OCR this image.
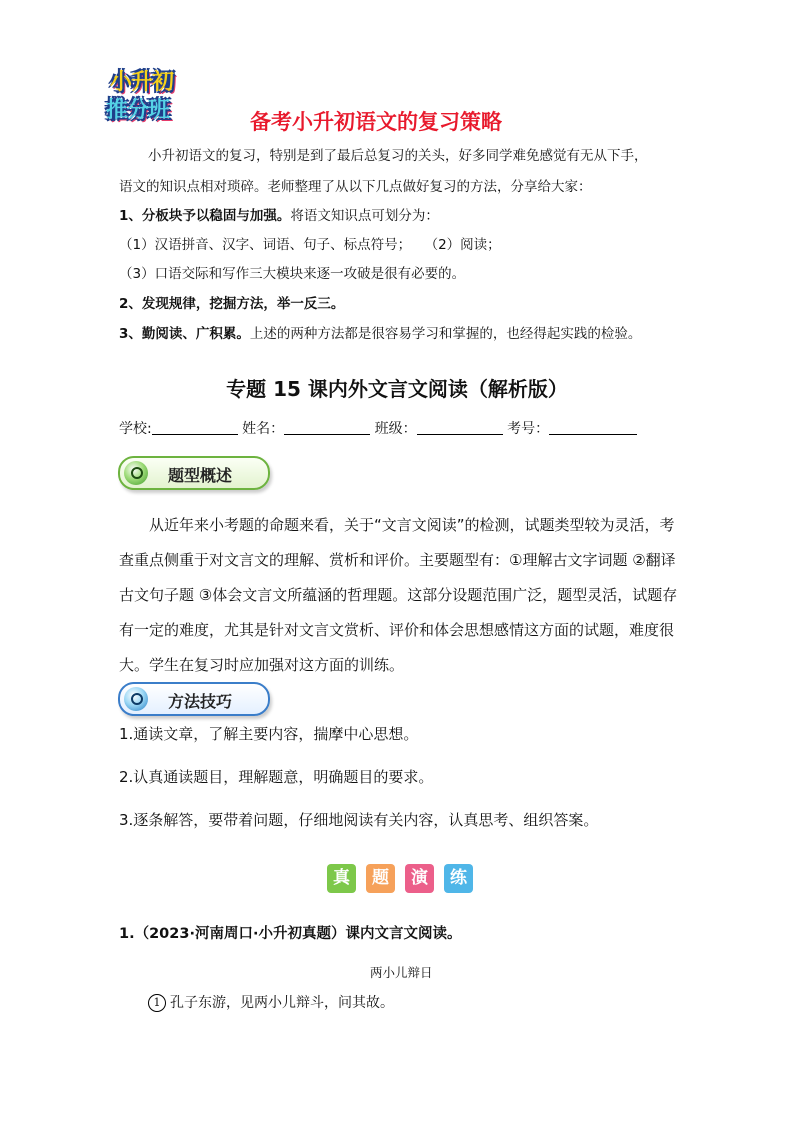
小升初
推分班	备考小升初语文的复习策略
小升初语文的复习，特别是到了最后总复习的关头，好多同学难免感觉有无从下手，
语文的知识点相对琐碎。老师整理了从以下几点做好复习的方法，分享给大家：
1、分板块予以稳固与加强。将语文知识点可划分为：
（1）汉语拼音、汉字、词语、句子、标点符号；　　（2）阅读；
（3）口语交际和写作三大模块来逐一攻破是很有必要的。
2、发现规律，挖掘方法，举一反三。
3、勤阅读、广积累。上述的两种方法都是很容易学习和掌握的，也经得起实践的检验。
专题 15 课内外文言文阅读（解析版）
学校:	姓名：	班级：	考号：
题型概述
从近年来小考题的命题来看，关于“文言文阅读”的检测，试题类型较为灵活，考查重点侧重于对文言文的理解、赏析和评价。主要题型有：①理解古文字词题 ②翻译古文句子题 ③体会文言文所蕴涵的哲理题。这部分设题范围广泛，题型灵活，试题存有一定的难度，尤其是针对文言文赏析、评价和体会思想感情这方面的试题，难度很大。学生在复习时应加强对这方面的训练。
方法技巧
1.通读文章，了解主要内容，揣摩中心思想。
2.认真通读题目，理解题意，明确题目的要求。
3.逐条解答，要带着问题，仔细地阅读有关内容，认真思考、组织答案。
真	题	演	练
1.（2023·河南周口·小升初真题）课内文言文阅读。
两小儿辩日
1 孔子东游，见两小儿辩斗，问其故。
